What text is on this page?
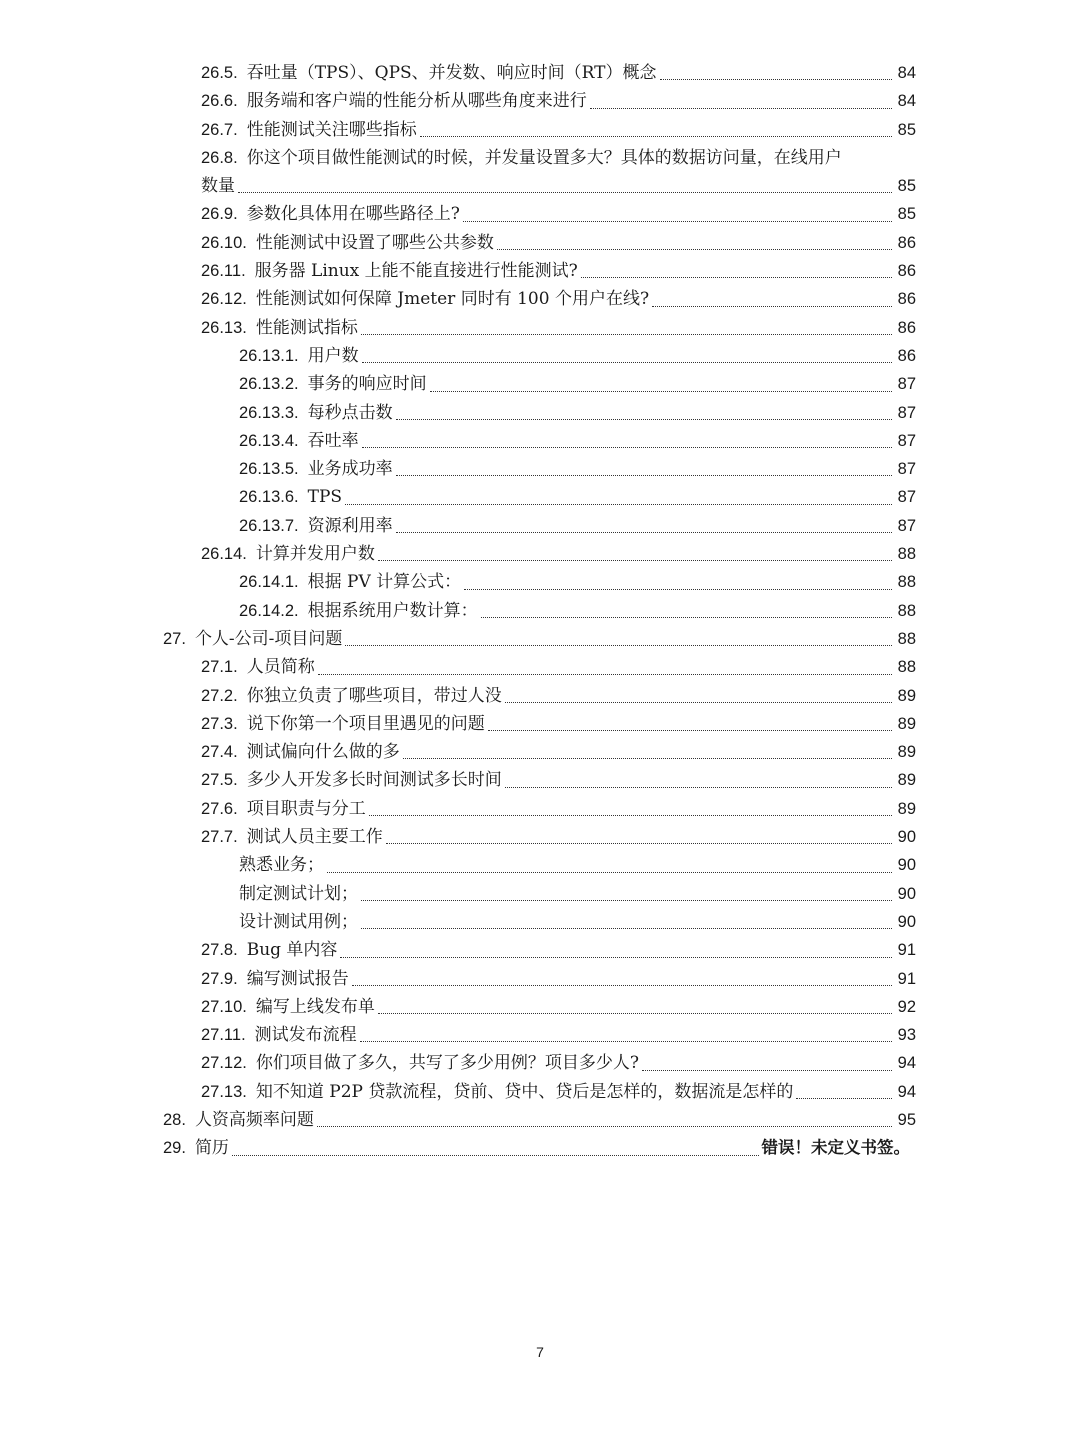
26.5. 吞吐量（TPS）、QPS、并发数、响应时间（RT）概念	84
26.6. 服务端和客户端的性能分析从哪些角度来进行	84
26.7. 性能测试关注哪些指标	85
26.8. 你这个项目做性能测试的时候，并发量设置多大？具体的数据访问量，在线用户
数量	85
26.9. 参数化具体用在哪些路径上?	85
26.10. 性能测试中设置了哪些公共参数	86
26.11. 服务器 Linux 上能不能直接进行性能测试?	86
26.12. 性能测试如何保障 Jmeter 同时有 100 个用户在线?	86
26.13. 性能测试指标	86
26.13.1. 用户数	86
26.13.2. 事务的响应时间	87
26.13.3. 每秒点击数	87
26.13.4. 吞吐率	87
26.13.5. 业务成功率	87
26.13.6. TPS	87
26.13.7. 资源利用率	87
26.14. 计算并发用户数	88
26.14.1. 根据 PV 计算公式：	88
26.14.2. 根据系统用户数计算：	88
27. 个人-公司-项目问题	88
27.1. 人员简称	88
27.2. 你独立负责了哪些项目，带过人没	89
27.3. 说下你第一个项目里遇见的问题	89
27.4. 测试偏向什么做的多	89
27.5. 多少人开发多长时间测试多长时间	89
27.6. 项目职责与分工	89
27.7. 测试人员主要工作	90
熟悉业务；	90
制定测试计划；	90
设计测试用例；	90
27.8. Bug 单内容	91
27.9. 编写测试报告	91
27.10. 编写上线发布单	92
27.11. 测试发布流程	93
27.12. 你们项目做了多久，共写了多少用例？项目多少人?	94
27.13. 知不知道 P2P 贷款流程，贷前、贷中、贷后是怎样的，数据流是怎样的	94
28. 人资高频率问题	95
29. 简历	错误！未定义书签。
7
